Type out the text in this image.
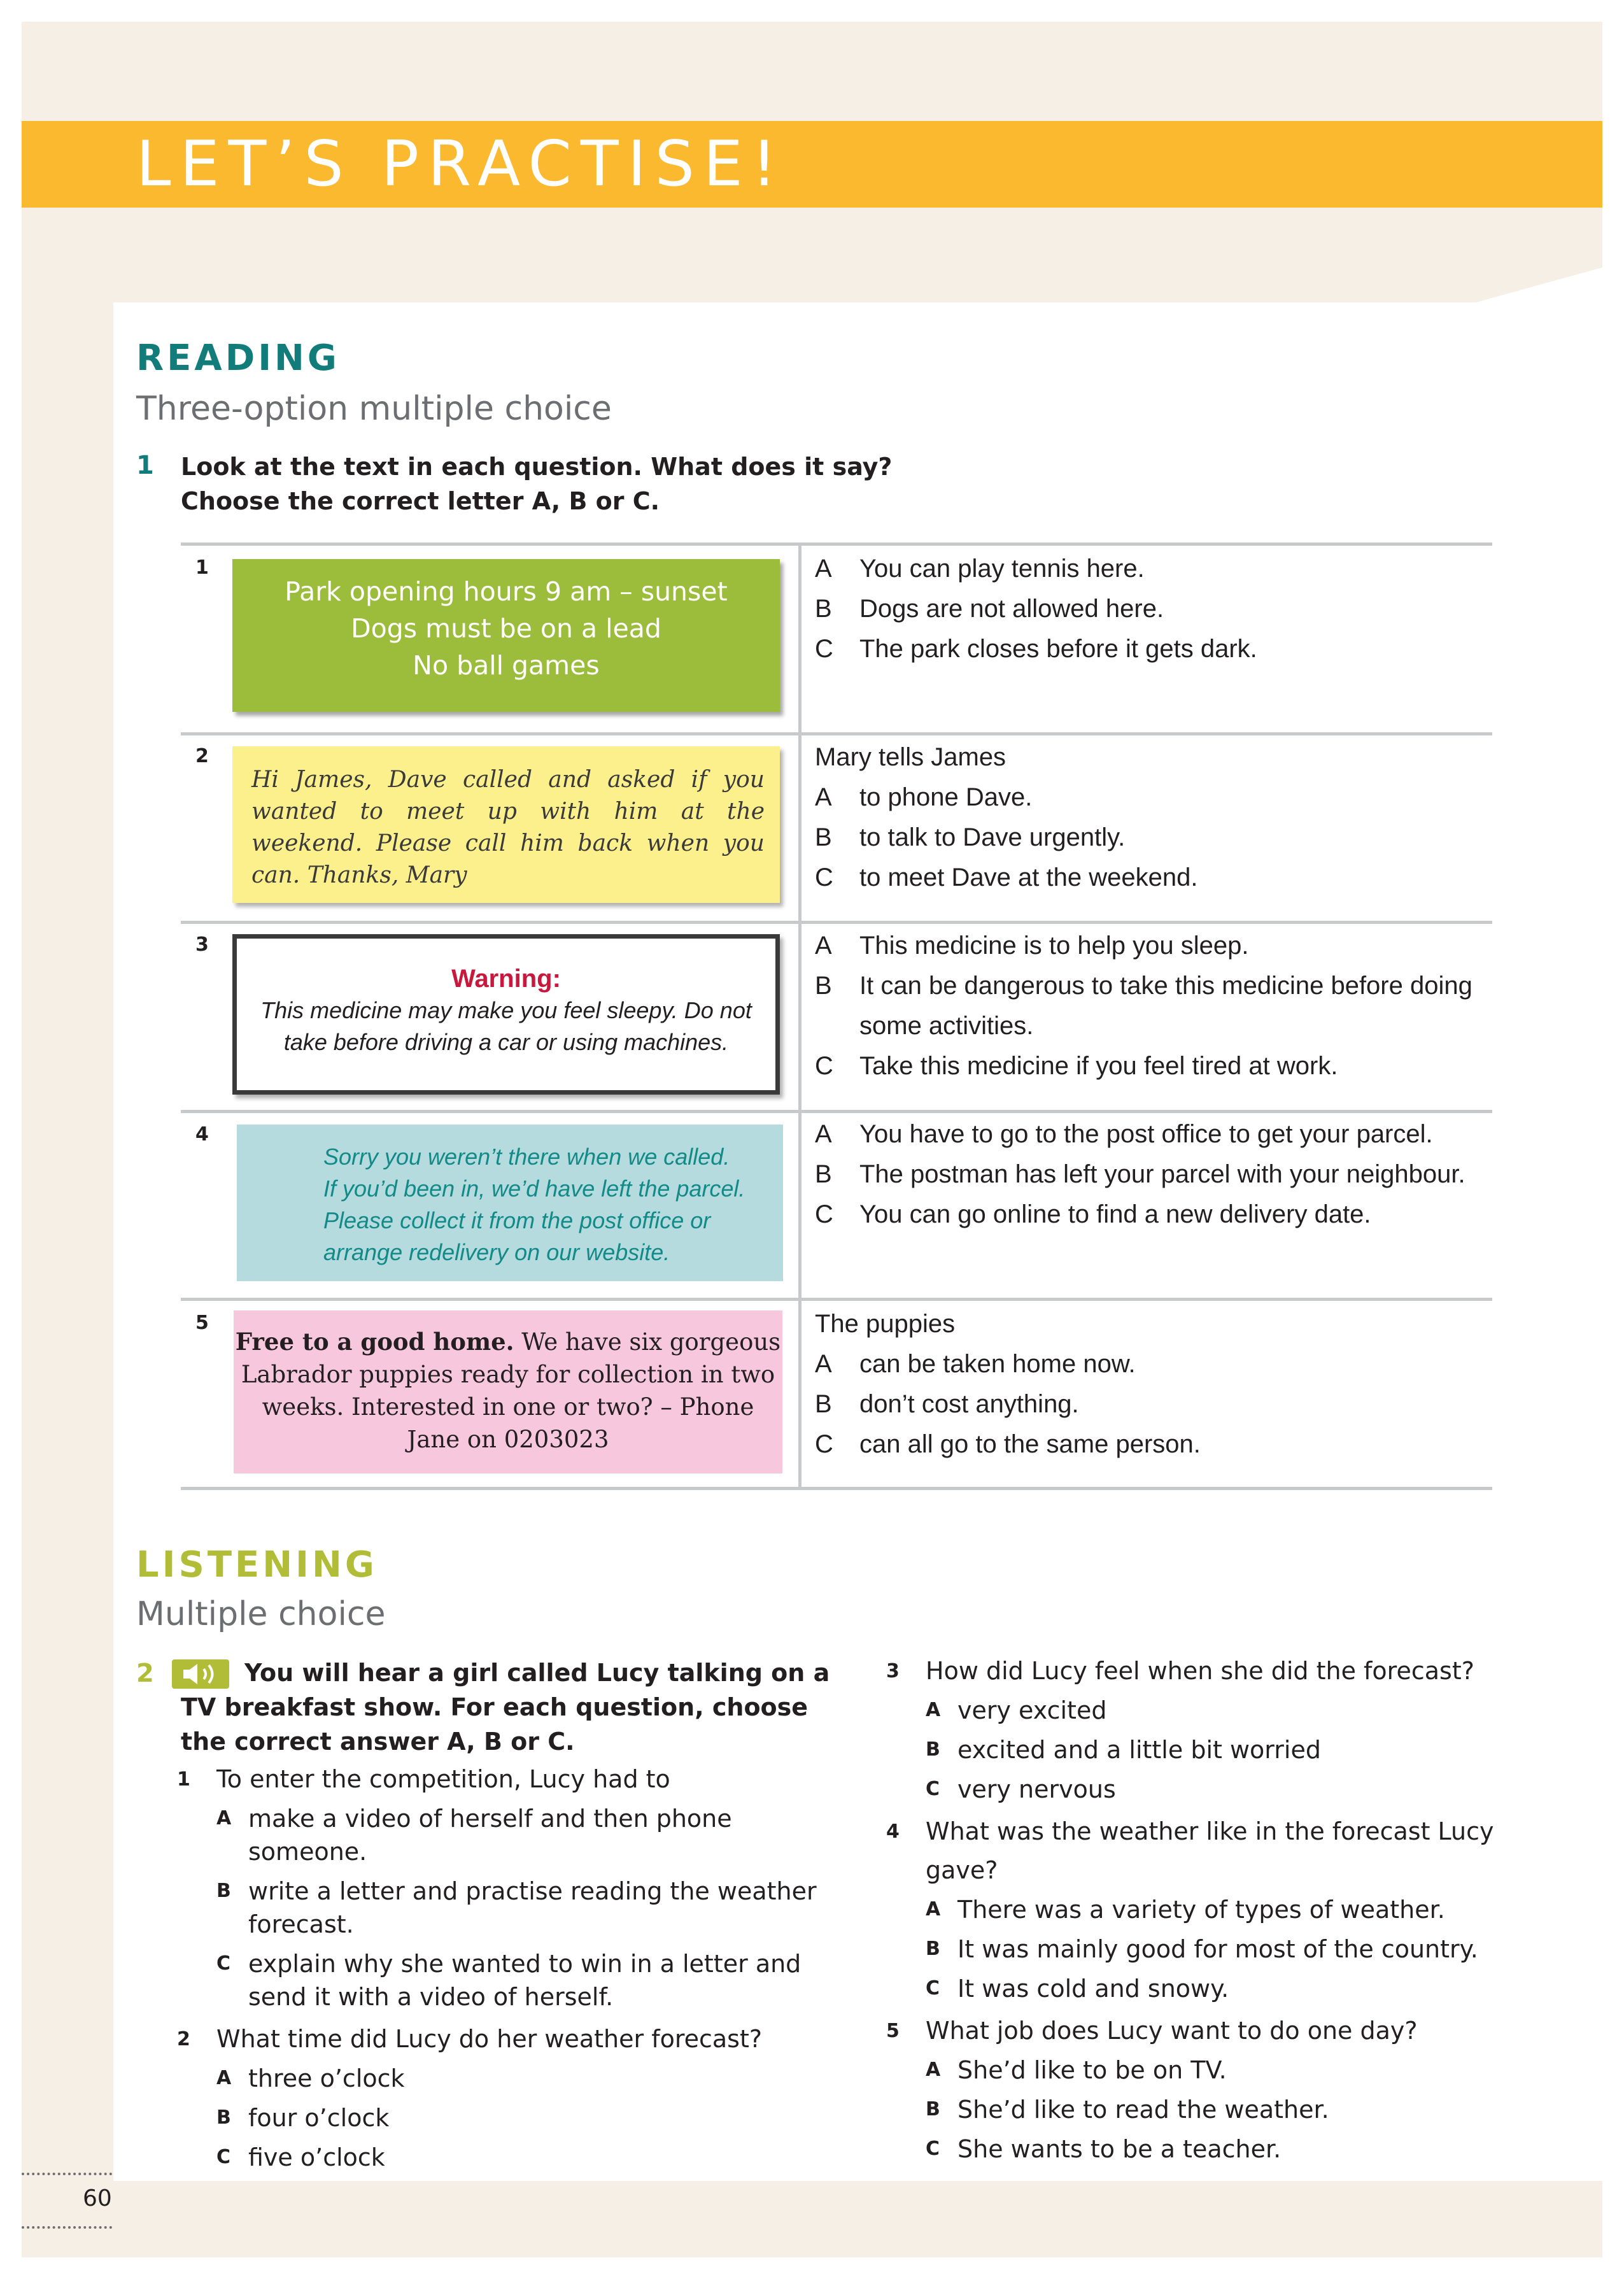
LET’S PRACTISE!
READING
Three-option multiple choice
1 Look at the text in each question. What does it say? Choose the correct letter A, B or C.
1
Park opening hours 9 am – sunset
Dogs must be on a lead
No ball games
A	You can play tennis here.
B	Dogs are not allowed here.
C	The park closes before it gets dark.
2
Hi James, Dave called and asked if you wanted to meet up with him at the weekend. Please call him back when you can. Thanks, Mary
Mary tells James
A	to phone Dave.
B	to talk to Dave urgently.
C	to meet Dave at the weekend.
3
Warning:
This medicine may make you feel sleepy. Do not take before driving a car or using machines.
A	This medicine is to help you sleep.
B	It can be dangerous to take this medicine before doing some activities.
C	Take this medicine if you feel tired at work.
4
Sorry you weren’t there when we called.
If you’d been in, we’d have left the parcel.
Please collect it from the post office or
arrange redelivery on our website.
A	You have to go to the post office to get your parcel.
B	The postman has left your parcel with your neighbour.
C	You can go online to find a new delivery date.
5
Free to a good home. We have six gorgeous Labrador puppies ready for collection in two weeks. Interested in one or two? – Phone Jane on 0203023
The puppies
A	can be taken home now.
B	don’t cost anything.
C	can all go to the same person.
LISTENING
Multiple choice
2	You will hear a girl called Lucy talking on a TV breakfast show. For each question, choose the correct answer A, B or C.
1	To enter the competition, Lucy had to
A make a video of herself and then phone someone.
B write a letter and practise reading the weather forecast.
C explain why she wanted to win in a letter and send it with a video of herself.
2	What time did Lucy do her weather forecast?
A three o’clock
B four o’clock
C five o’clock
3	How did Lucy feel when she did the forecast?
A very excited
B excited and a little bit worried
C very nervous
4	What was the weather like in the forecast Lucy gave?
A There was a variety of types of weather.
B It was mainly good for most of the country.
C It was cold and snowy.
5	What job does Lucy want to do one day?
A She’d like to be on TV.
B She’d like to read the weather.
C She wants to be a teacher.
60
